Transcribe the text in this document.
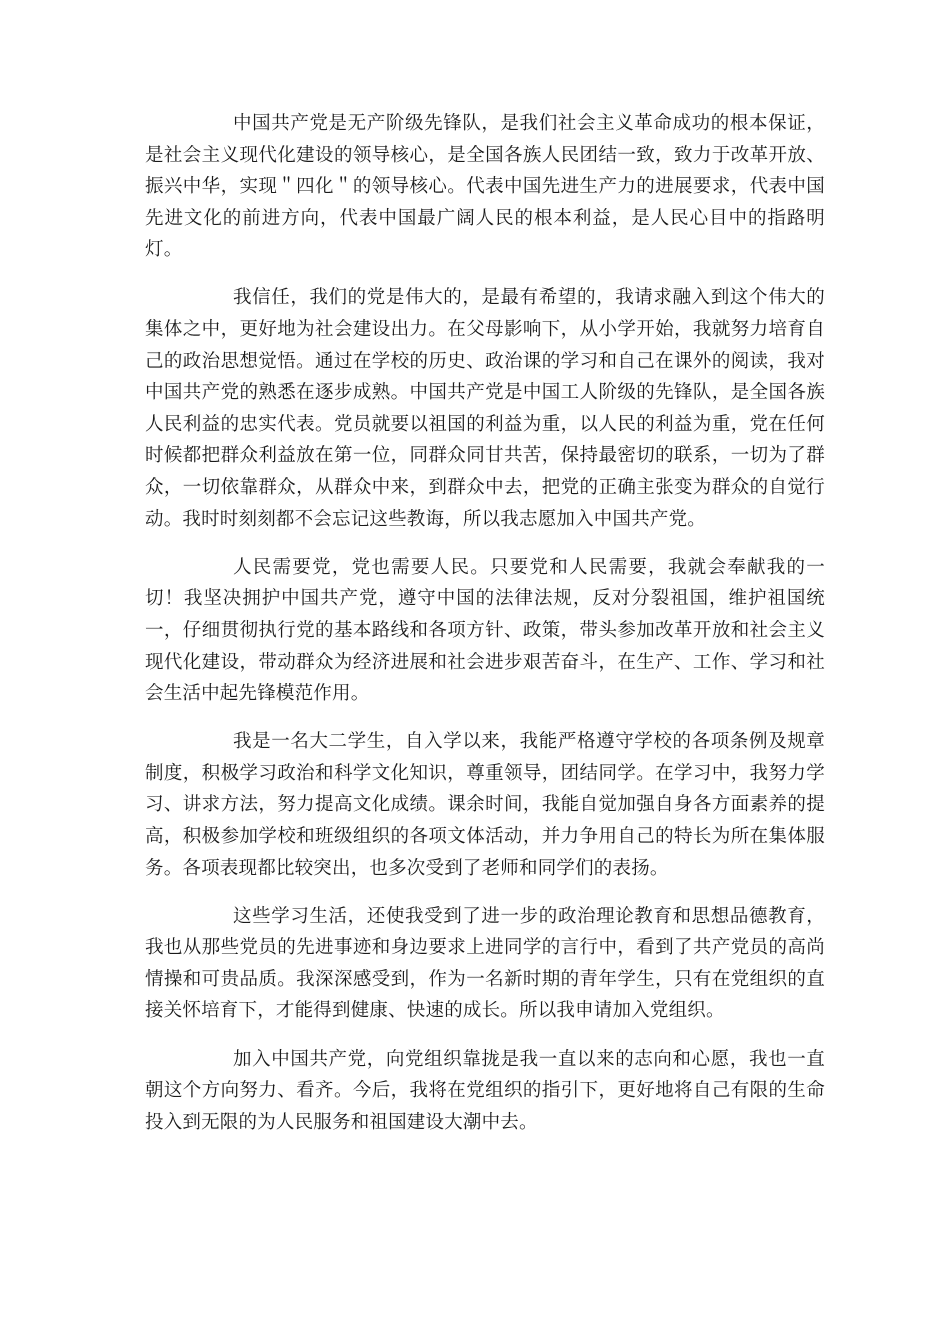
中国共产党是无产阶级先锋队，是我们社会主义革命成功的根本保证，是社会主义现代化建设的领导核心，是全国各族人民团结一致，致力于改革开放、振兴中华，实现＂四化＂的领导核心。代表中国先进生产力的进展要求，代表中国先进文化的前进方向，代表中国最广阔人民的根本利益，是人民心目中的指路明灯。

我信任，我们的党是伟大的，是最有希望的，我请求融入到这个伟大的集体之中，更好地为社会建设出力。在父母影响下，从小学开始，我就努力培育自己的政治思想觉悟。通过在学校的历史、政治课的学习和自己在课外的阅读，我对中国共产党的熟悉在逐步成熟。中国共产党是中国工人阶级的先锋队，是全国各族人民利益的忠实代表。党员就要以祖国的利益为重，以人民的利益为重，党在任何时候都把群众利益放在第一位，同群众同甘共苦，保持最密切的联系，一切为了群众，一切依靠群众，从群众中来，到群众中去，把党的正确主张变为群众的自觉行动。我时时刻刻都不会忘记这些教诲，所以我志愿加入中国共产党。

人民需要党，党也需要人民。只要党和人民需要，我就会奉献我的一切！我坚决拥护中国共产党，遵守中国的法律法规，反对分裂祖国，维护祖国统一，仔细贯彻执行党的基本路线和各项方针、政策，带头参加改革开放和社会主义现代化建设，带动群众为经济进展和社会进步艰苦奋斗，在生产、工作、学习和社会生活中起先锋模范作用。

我是一名大二学生，自入学以来，我能严格遵守学校的各项条例及规章制度，积极学习政治和科学文化知识，尊重领导，团结同学。在学习中，我努力学习、讲求方法，努力提高文化成绩。课余时间，我能自觉加强自身各方面素养的提高，积极参加学校和班级组织的各项文体活动，并力争用自己的特长为所在集体服务。各项表现都比较突出，也多次受到了老师和同学们的表扬。

这些学习生活，还使我受到了进一步的政治理论教育和思想品德教育，我也从那些党员的先进事迹和身边要求上进同学的言行中，看到了共产党员的高尚情操和可贵品质。我深深感受到，作为一名新时期的青年学生，只有在党组织的直接关怀培育下，才能得到健康、快速的成长。所以我申请加入党组织。

加入中国共产党，向党组织靠拢是我一直以来的志向和心愿，我也一直朝这个方向努力、看齐。今后，我将在党组织的指引下，更好地将自己有限的生命投入到无限的为人民服务和祖国建设大潮中去。
